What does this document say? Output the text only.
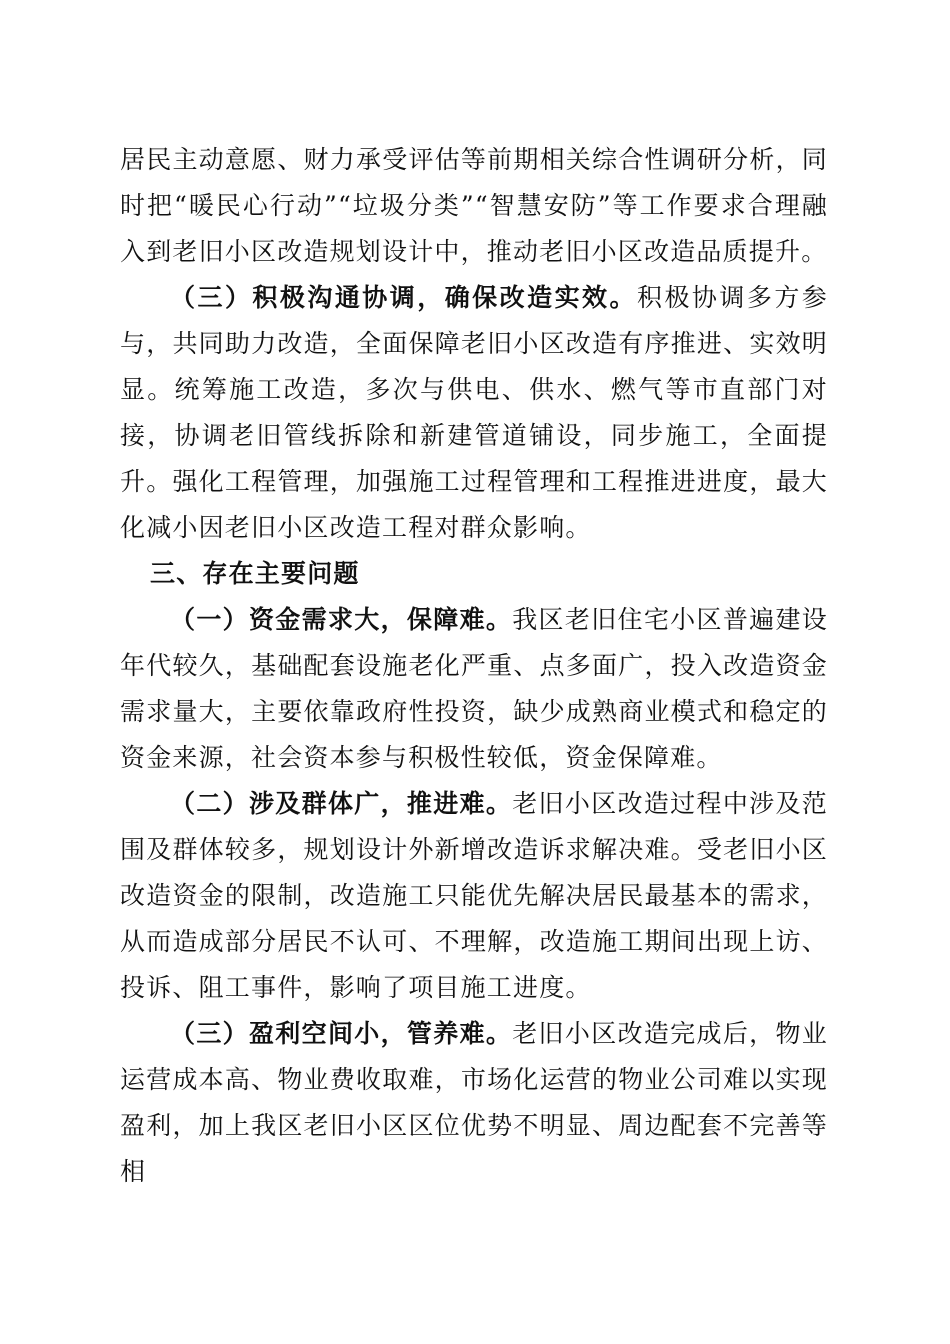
居民主动意愿、财力承受评估等前期相关综合性调研分析，同时把“暖民心行动”“垃圾分类”“智慧安防”等工作要求合理融入到老旧小区改造规划设计中，推动老旧小区改造品质提升。

（三）积极沟通协调，确保改造实效。积极协调多方参与，共同助力改造，全面保障老旧小区改造有序推进、实效明显。统筹施工改造，多次与供电、供水、燃气等市直部门对接，协调老旧管线拆除和新建管道铺设，同步施工，全面提升。强化工程管理，加强施工过程管理和工程推进进度，最大化减小因老旧小区改造工程对群众影响。

三、存在主要问题

（一）资金需求大，保障难。我区老旧住宅小区普遍建设年代较久，基础配套设施老化严重、点多面广，投入改造资金需求量大，主要依靠政府性投资，缺少成熟商业模式和稳定的资金来源，社会资本参与积极性较低，资金保障难。

（二）涉及群体广，推进难。老旧小区改造过程中涉及范围及群体较多，规划设计外新增改造诉求解决难。受老旧小区改造资金的限制，改造施工只能优先解决居民最基本的需求，从而造成部分居民不认可、不理解，改造施工期间出现上访、投诉、阻工事件，影响了项目施工进度。

（三）盈利空间小，管养难。老旧小区改造完成后，物业运营成本高、物业费收取难，市场化运营的物业公司难以实现盈利，加上我区老旧小区区位优势不明显、周边配套不完善等相
